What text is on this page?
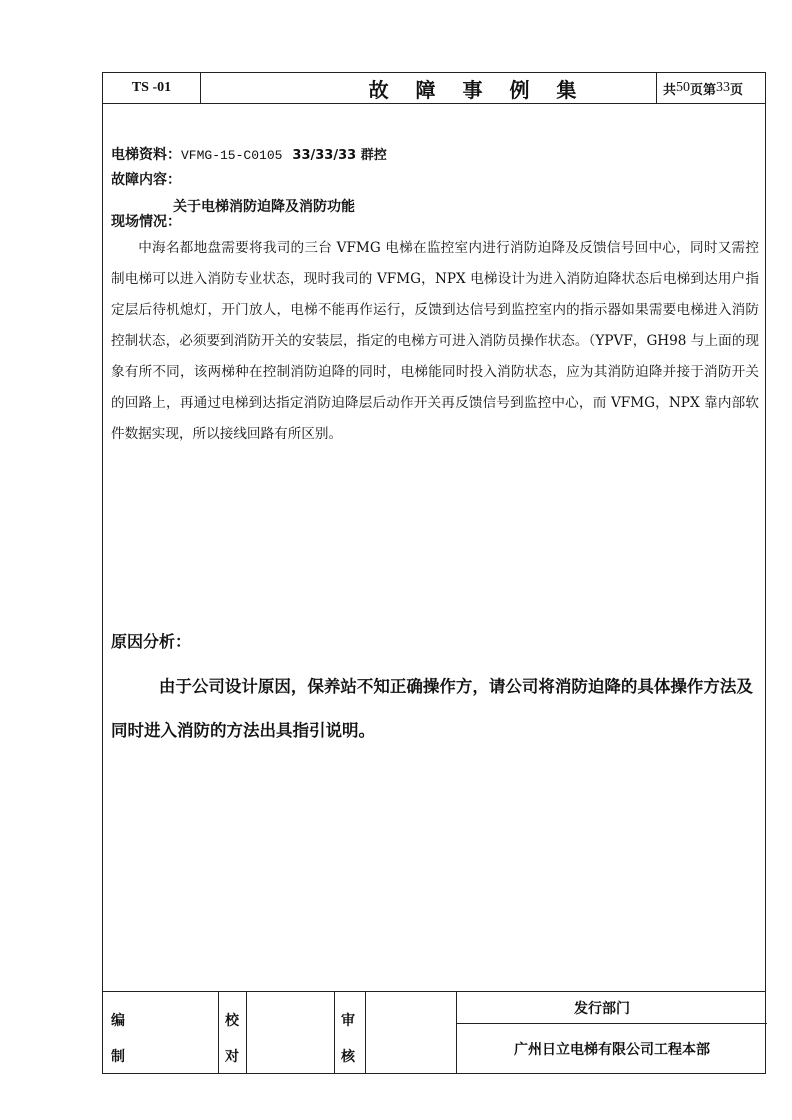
TS -01	故 障 事 例 集	共 50 页第 33 页
电梯资料：VFMG-15-C0105 33/33/33 群控
故障内容：
关于电梯消防迫降及消防功能
现场情况：
中海名都地盘需要将我司的三台 VFMG 电梯在监控室内进行消防迫降及反馈信号回中心，同时又需控制电梯可以进入消防专业状态，现时我司的 VFMG，NPX 电梯设计为进入消防迫降状态后电梯到达用户指定层后待机熄灯，开门放人，电梯不能再作运行，反馈到达信号到监控室内的指示器如果需要电梯进入消防控制状态，必须要到消防开关的安装层，指定的电梯方可进入消防员操作状态。（YPVF，GH98 与上面的现象有所不同，该两梯种在控制消防迫降的同时，电梯能同时投入消防状态，应为其消防迫降并接于消防开关的回路上，再通过电梯到达指定消防迫降层后动作开关再反馈信号到监控中心，而 VFMG，NPX 靠内部软件数据实现，所以接线回路有所区别。
原因分析：
由于公司设计原因，保养站不知正确操作方，请公司将消防迫降的具体操作方法及同时进入消防的方法出具指引说明。
编
制
校
对
审
核
发行部门
广州日立电梯有限公司工程本部
